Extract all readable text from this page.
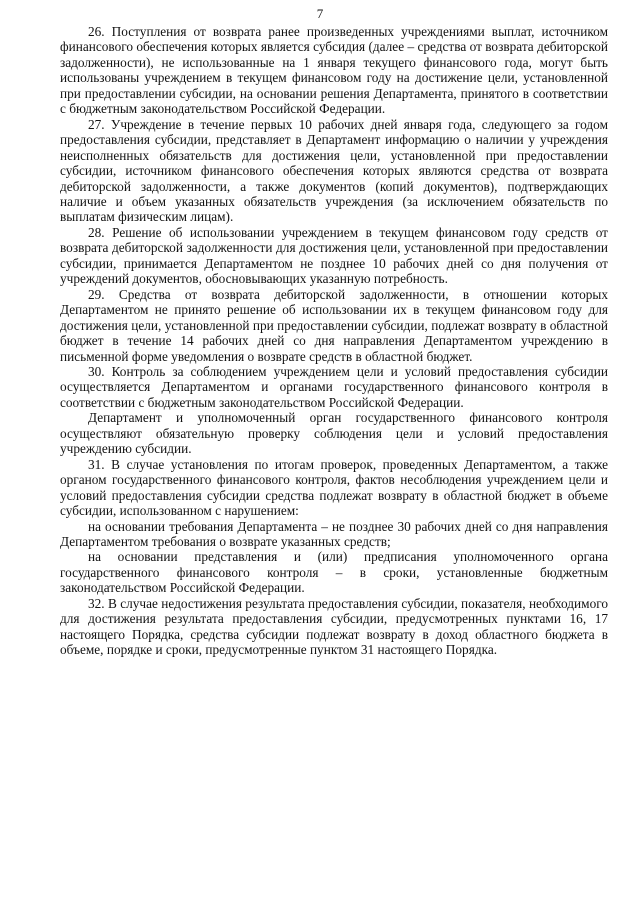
7

26. Поступления от возврата ранее произведенных учреждениями выплат, источником финансового обеспечения которых является субсидия (далее – средства от возврата дебиторской задолженности), не использованные на 1 января текущего финансового года, могут быть использованы учреждением в текущем финансовом году на достижение цели, установленной при предоставлении субсидии, на основании решения Департамента, принятого в соответствии с бюджетным законодательством Российской Федерации.

27. Учреждение в течение первых 10 рабочих дней января года, следующего за годом предоставления субсидии, представляет в Департамент информацию о наличии у учреждения неисполненных обязательств для достижения цели, установленной при предоставлении субсидии, источником финансового обеспечения которых являются средства от возврата дебиторской задолженности, а также документов (копий документов), подтверждающих наличие и объем указанных обязательств учреждения (за исключением обязательств по выплатам физическим лицам).

28. Решение об использовании учреждением в текущем финансовом году средств от возврата дебиторской задолженности для достижения цели, установленной при предоставлении субсидии, принимается Департаментом не позднее 10 рабочих дней со дня получения от учреждений документов, обосновывающих указанную потребность.

29. Средства от возврата дебиторской задолженности, в отношении которых Департаментом не принято решение об использовании их в текущем финансовом году для достижения цели, установленной при предоставлении субсидии, подлежат возврату в областной бюджет в течение 14 рабочих дней со дня направления Департаментом учреждению в письменной форме уведомления о возврате средств в областной бюджет.

30. Контроль за соблюдением учреждением цели и условий предоставления субсидии осуществляется Департаментом и органами государственного финансового контроля в соответствии с бюджетным законодательством Российской Федерации.

Департамент и уполномоченный орган государственного финансового контроля осуществляют обязательную проверку соблюдения цели и условий предоставления учреждению субсидии.

31. В случае установления по итогам проверок, проведенных Департаментом, а также органом государственного финансового контроля, фактов несоблюдения учреждением цели и условий предоставления субсидии средства подлежат возврату в областной бюджет в объеме субсидии, использованном с нарушением:

на основании требования Департамента – не позднее 30 рабочих дней со дня направления Департаментом требования о возврате указанных средств;

на основании представления и (или) предписания уполномоченного органа государственного финансового контроля – в сроки, установленные бюджетным законодательством Российской Федерации.

32. В случае недостижения результата предоставления субсидии, показателя, необходимого для достижения результата предоставления субсидии, предусмотренных пунктами 16, 17 настоящего Порядка, средства субсидии подлежат возврату в доход областного бюджета в объеме, порядке и сроки, предусмотренные пунктом 31 настоящего Порядка.
